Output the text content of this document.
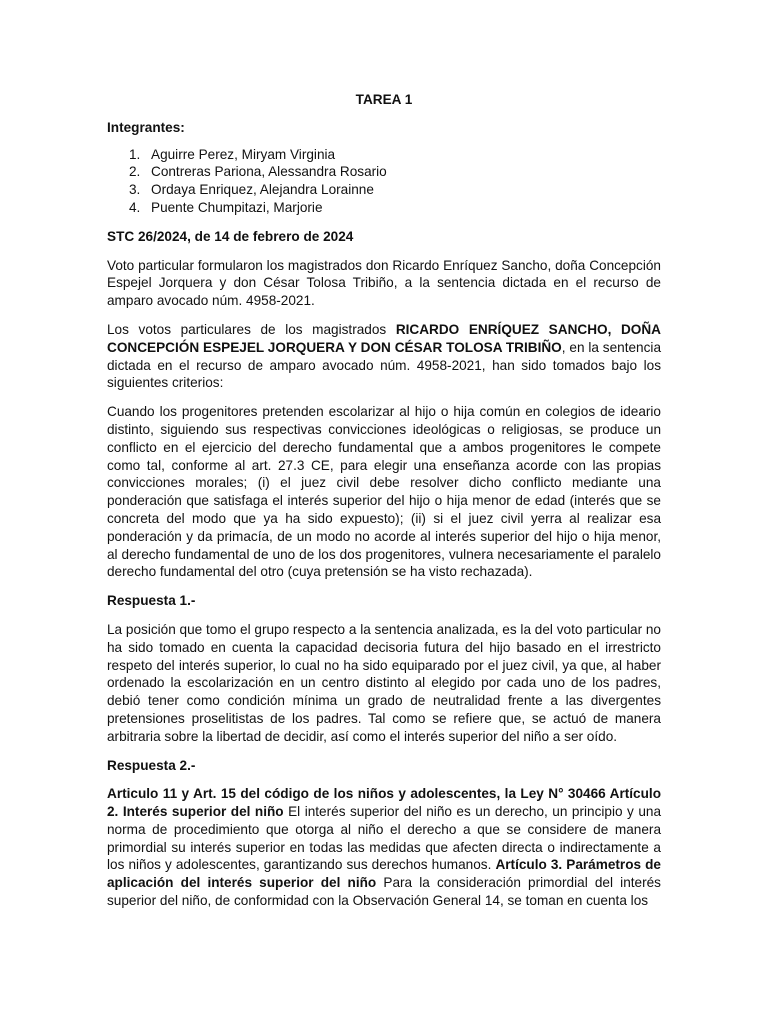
TAREA 1
Integrantes:
1. Aguirre Perez, Miryam Virginia
2. Contreras Pariona, Alessandra Rosario
3. Ordaya Enriquez, Alejandra Lorainne
4. Puente Chumpitazi, Marjorie
STC 26/2024, de 14 de febrero de 2024

Voto particular formularon los magistrados don Ricardo Enríquez Sancho, doña Concepción Espejel Jorquera y don César Tolosa Tribiño, a la sentencia dictada en el recurso de amparo avocado núm. 4958-2021.

Los votos particulares de los magistrados RICARDO ENRÍQUEZ SANCHO, DOÑA CONCEPCIÓN ESPEJEL JORQUERA Y DON CÉSAR TOLOSA TRIBIÑO, en la sentencia dictada en el recurso de amparo avocado núm. 4958-2021, han sido tomados bajo los siguientes criterios:

Cuando los progenitores pretenden escolarizar al hijo o hija común en colegios de ideario distinto, siguiendo sus respectivas convicciones ideológicas o religiosas, se produce un conflicto en el ejercicio del derecho fundamental que a ambos progenitores le compete como tal, conforme al art. 27.3 CE, para elegir una enseñanza acorde con las propias convicciones morales; (i) el juez civil debe resolver dicho conflicto mediante una ponderación que satisfaga el interés superior del hijo o hija menor de edad (interés que se concreta del modo que ya ha sido expuesto); (ii) si el juez civil yerra al realizar esa ponderación y da primacía, de un modo no acorde al interés superior del hijo o hija menor, al derecho fundamental de uno de los dos progenitores, vulnera necesariamente el paralelo derecho fundamental del otro (cuya pretensión se ha visto rechazada).

Respuesta 1.-

La posición que tomo el grupo respecto a la sentencia analizada, es la del voto particular no ha sido tomado en cuenta la capacidad decisoria futura del hijo basado en el irrestricto respeto del interés superior, lo cual no ha sido equiparado por el juez civil, ya que, al haber ordenado la escolarización en un centro distinto al elegido por cada uno de los padres, debió tener como condición mínima un grado de neutralidad frente a las divergentes pretensiones proselitistas de los padres. Tal como se refiere que, se actuó de manera arbitraria sobre la libertad de decidir, así como el interés superior del niño a ser oído.

Respuesta 2.-

Articulo 11 y Art. 15 del código de los niños y adolescentes, la Ley N° 30466 Artículo 2. Interés superior del niño El interés superior del niño es un derecho, un principio y una norma de procedimiento que otorga al niño el derecho a que se considere de manera primordial su interés superior en todas las medidas que afecten directa o indirectamente a los niños y adolescentes, garantizando sus derechos humanos. Artículo 3. Parámetros de aplicación del interés superior del niño Para la consideración primordial del interés superior del niño, de conformidad con la Observación General 14, se toman en cuenta los
